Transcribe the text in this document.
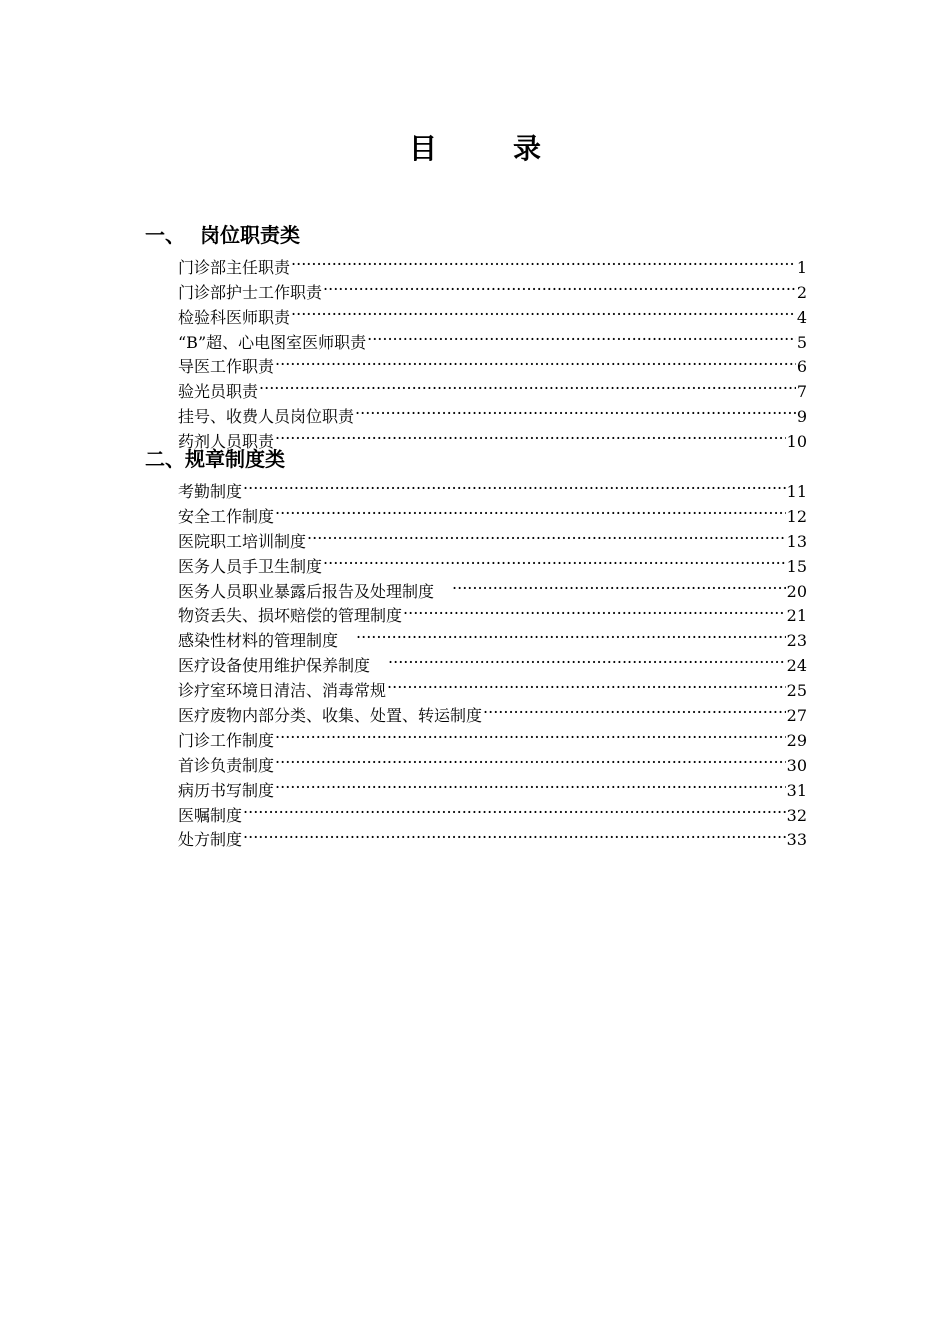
目	录
一、 岗位职责类
门诊部主任职责 .....	1
门诊部护士工作职责 .....	2
检验科医师职责 .....	4
“B”超、心电图室医师职责 .....	5
导医工作职责 .....	6
验光员职责 .....	7
挂号、收费人员岗位职责 .....	9
药剂人员职责 .....	10
二、规章制度类
考勤制度 .....	11
安全工作制度 .....	12
医院职工培训制度 .....	13
医务人员手卫生制度 .....	15
医务人员职业暴露后报告及处理制度 .....	20
物资丢失、损坏赔偿的管理制度 .....	21
感染性材料的管理制度 .....	23
医疗设备使用维护保养制度 .....	24
诊疗室环境日清洁、消毒常规 .....	25
医疗废物内部分类、收集、处置、转运制度 .....	27
门诊工作制度 .....	29
首诊负责制度 .....	30
病历书写制度 .....	31
医嘱制度 .....	32
处方制度 .....	33
